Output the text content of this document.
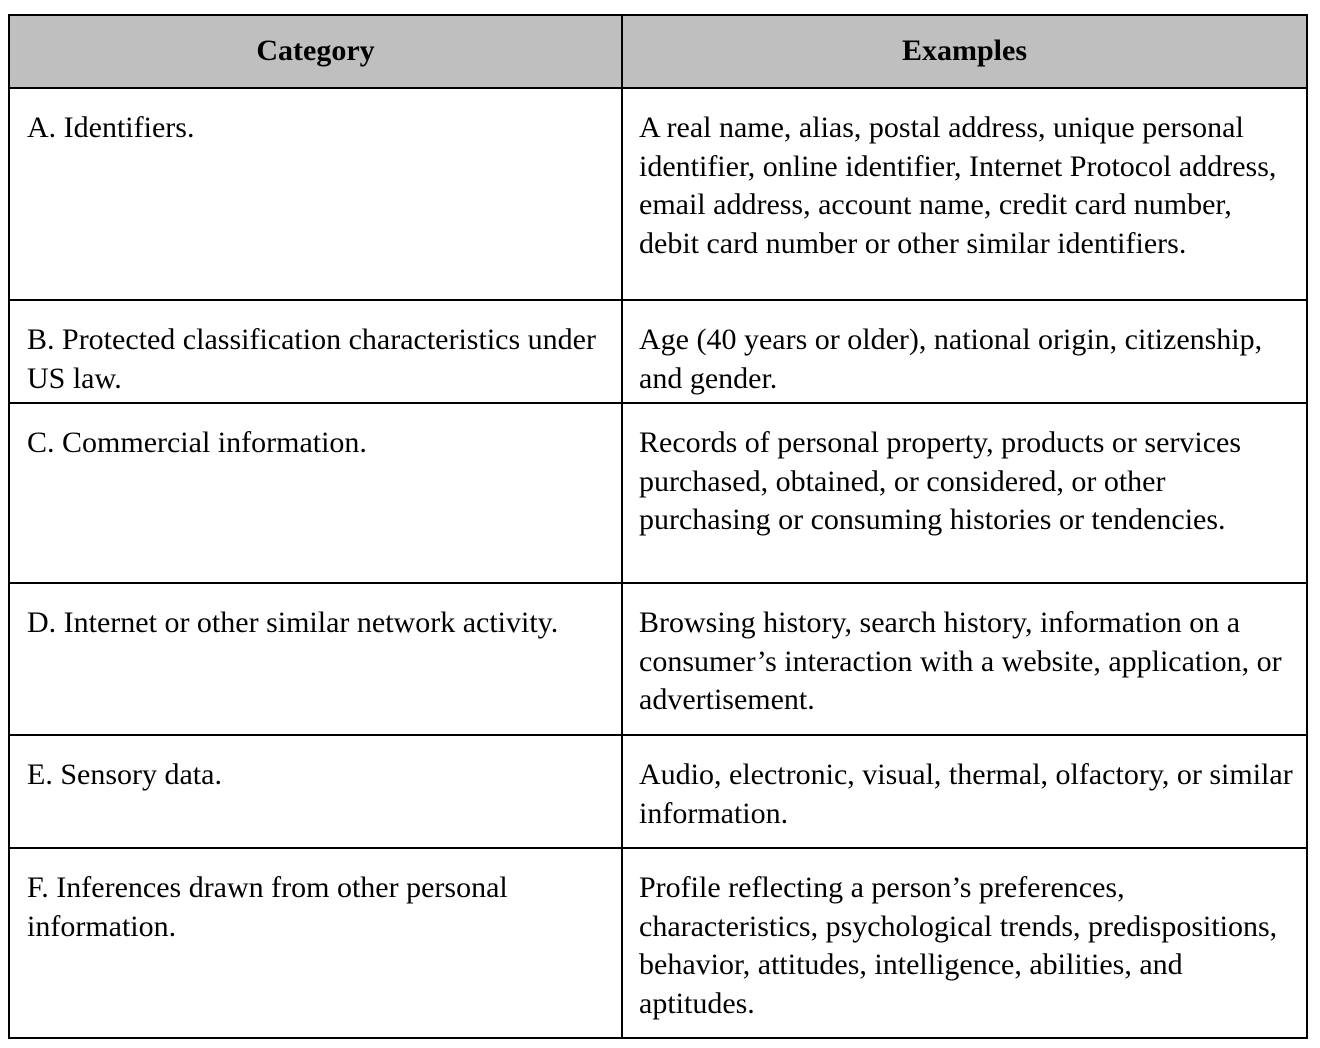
Category	Examples
A. Identifiers.	A real name, alias, postal address, unique personal identifier, online identifier, Internet Protocol address, email address, account name, credit card number, debit card number or other similar identifiers.
B. Protected classification characteristics under US law.	Age (40 years or older), national origin, citizenship, and gender.
C. Commercial information.	Records of personal property, products or services purchased, obtained, or considered, or other purchasing or consuming histories or tendencies.
D. Internet or other similar network activity.	Browsing history, search history, information on a consumer’s interaction with a website, application, or advertisement.
E. Sensory data.	Audio, electronic, visual, thermal, olfactory, or similar information.
F. Inferences drawn from other personal information.	Profile reflecting a person’s preferences, characteristics, psychological trends, predispositions, behavior, attitudes, intelligence, abilities, and aptitudes.
